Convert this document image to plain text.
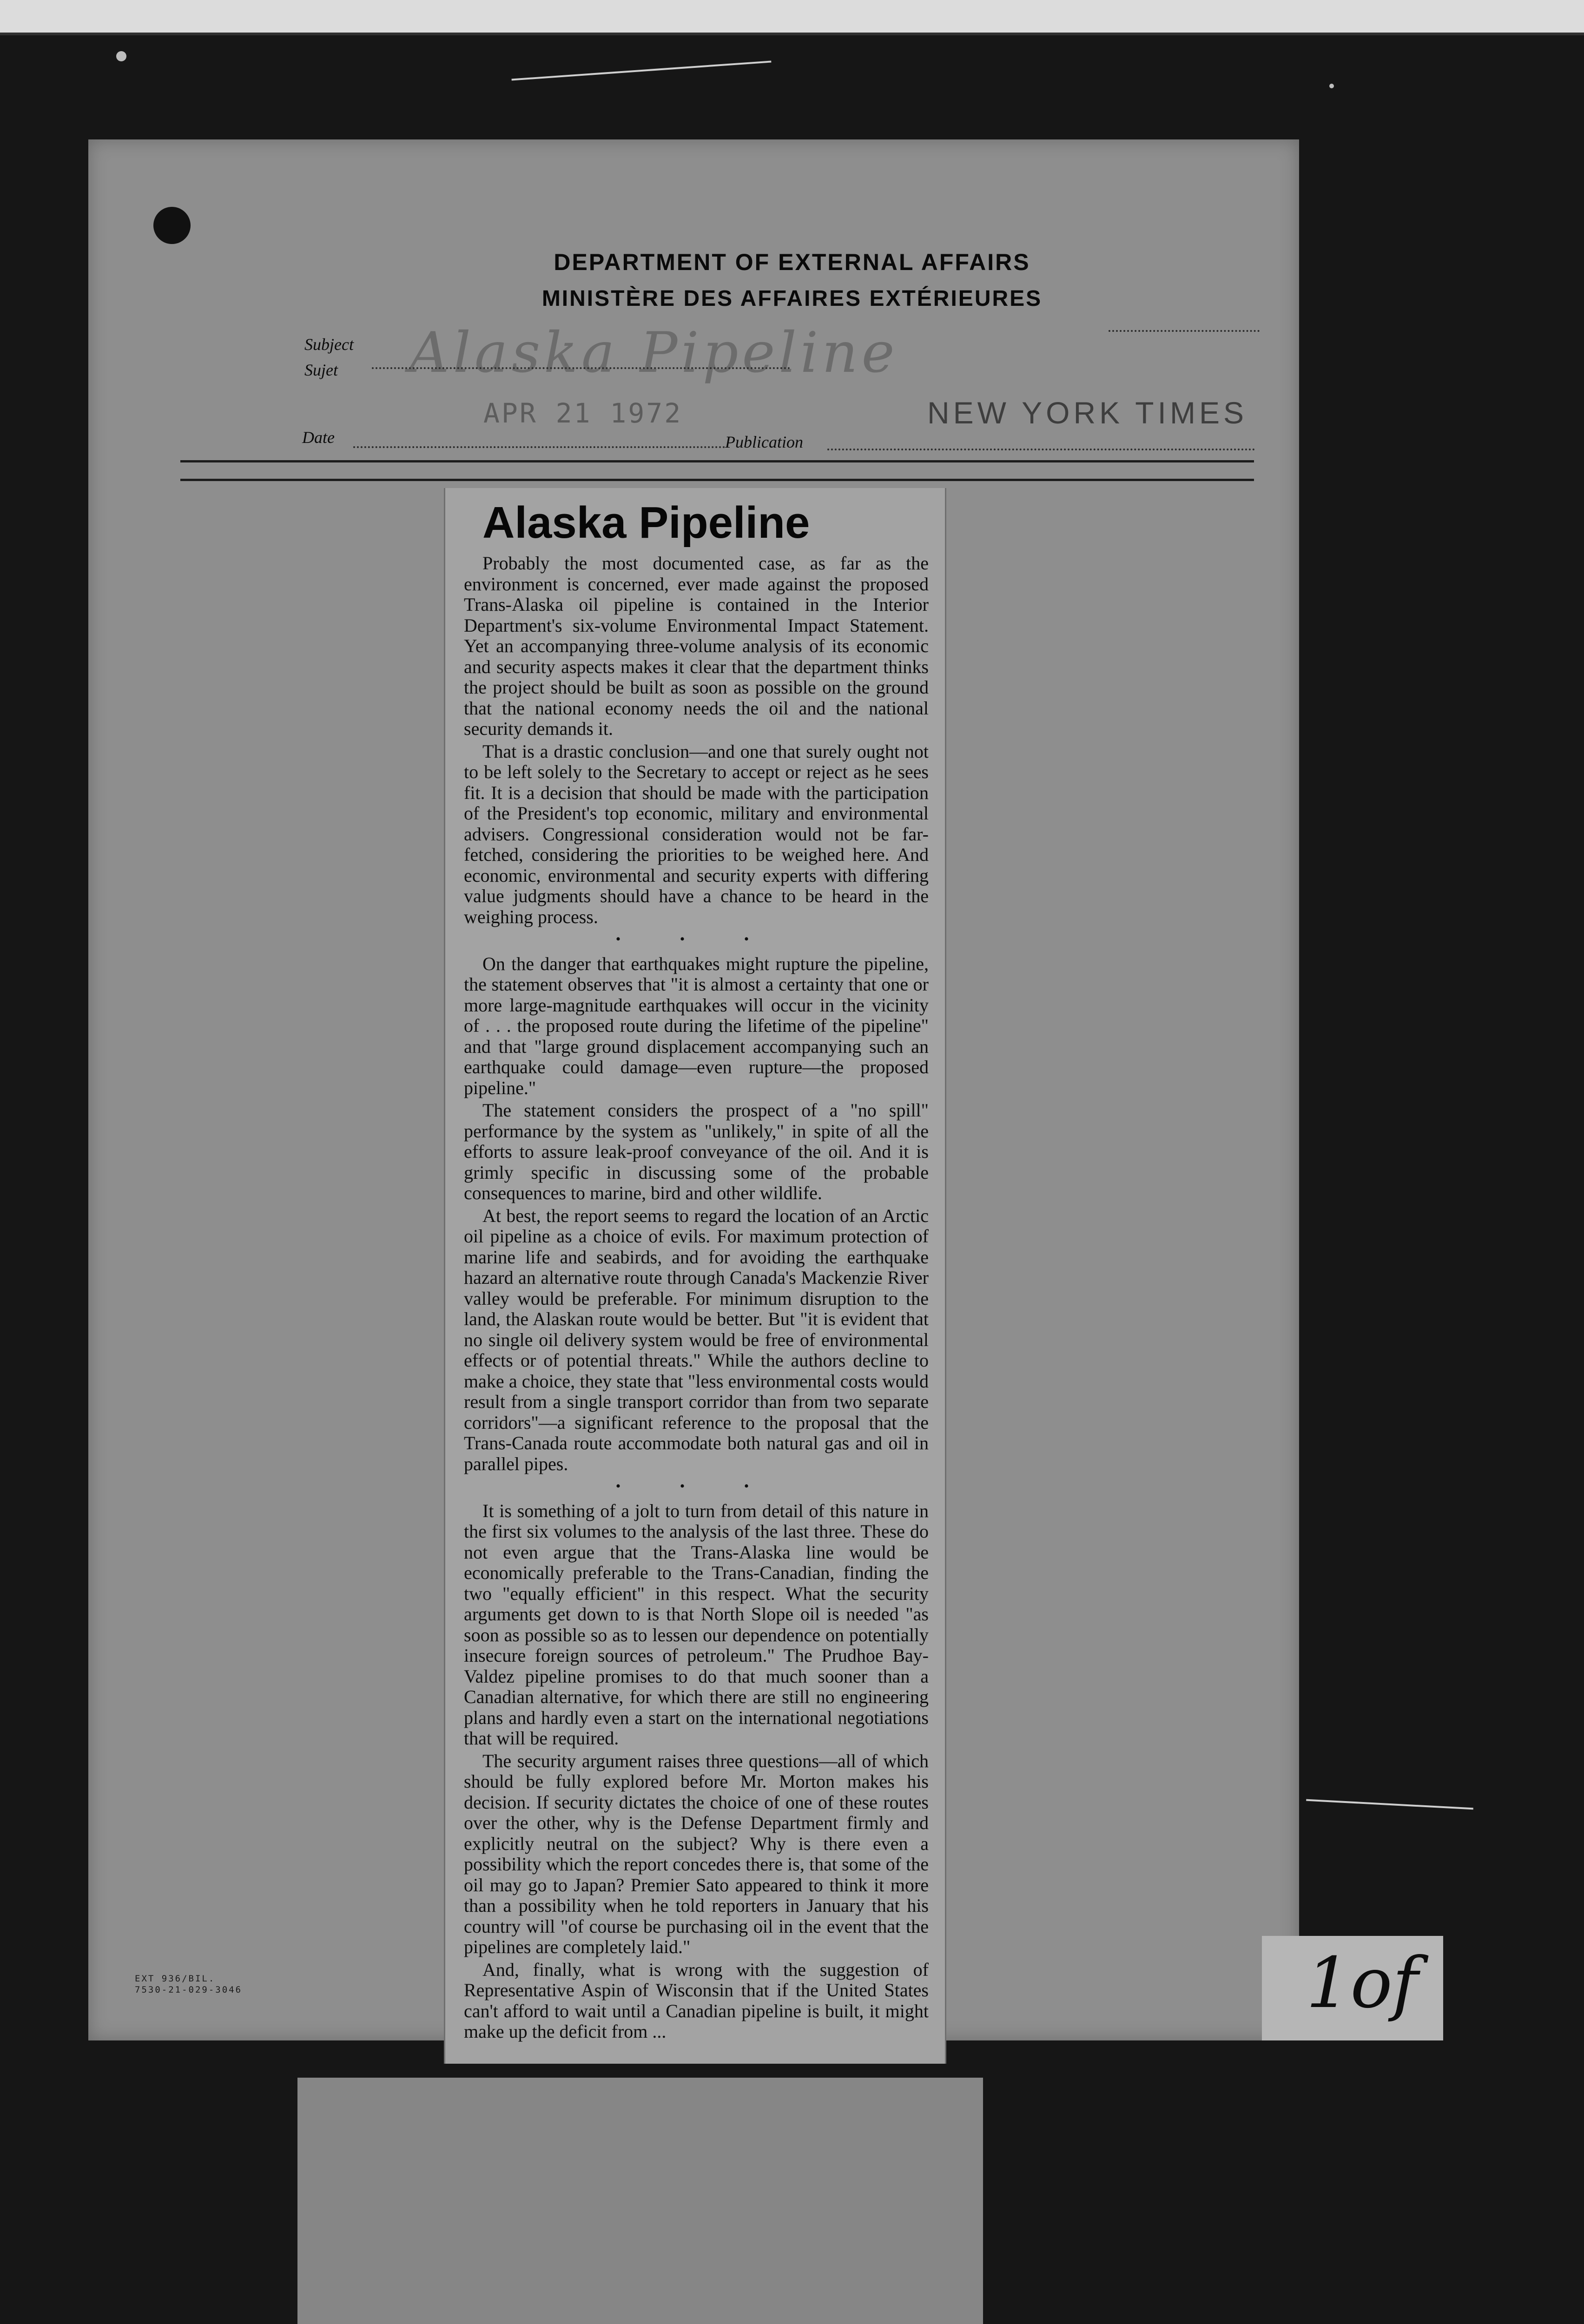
DEPARTMENT OF EXTERNAL AFFAIRS
MINISTÈRE DES AFFAIRES EXTÉRIEURES
Subject
Sujet Alaska Pipeline
Date
APR 21 1972
Publication
NEW YORK TIMES
Alaska Pipeline

Probably the most documented case, as far as the environment is concerned, ever made against the proposed Trans-Alaska oil pipeline is contained in the Interior Department's six-volume Environmental Impact Statement. Yet an accompanying three-volume analysis of its economic and security aspects makes it clear that the department thinks the project should be built as soon as possible on the ground that the national economy needs the oil and the national security demands it.

That is a drastic conclusion—and one that surely ought not to be left solely to the Secretary to accept or reject as he sees fit. It is a decision that should be made with the participation of the President's top economic, military and environmental advisers. Congressional consideration would not be far-fetched, considering the priorities to be weighed here. And economic, environmental and security experts with differing value judgments should have a chance to be heard in the weighing process.

• • •

On the danger that earthquakes might rupture the pipeline, the statement observes that "it is almost a certainty that one or more large-magnitude earthquakes will occur in the vicinity of . . . the proposed route during the lifetime of the pipeline" and that "large ground displacement accompanying such an earthquake could damage—even rupture—the proposed pipeline."

The statement considers the prospect of a "no spill" performance by the system as "unlikely," in spite of all the efforts to assure leak-proof conveyance of the oil. And it is grimly specific in discussing some of the probable consequences to marine, bird and other wildlife.

At best, the report seems to regard the location of an Arctic oil pipeline as a choice of evils. For maximum protection of marine life and seabirds, and for avoiding the earthquake hazard an alternative route through Canada's Mackenzie River valley would be preferable. For minimum disruption to the land, the Alaskan route would be better. But "it is evident that no single oil delivery system would be free of environmental effects or of potential threats." While the authors decline to make a choice, they state that "less environmental costs would result from a single transport corridor than from two separate corridors"—a significant reference to the proposal that the Trans-Canada route accommodate both natural gas and oil in parallel pipes.

• • •

It is something of a jolt to turn from detail of this nature in the first six volumes to the analysis of the last three. These do not even argue that the Trans-Alaska line would be economically preferable to the Trans-Canadian, finding the two "equally efficient" in this respect. What the security arguments get down to is that North Slope oil is needed "as soon as possible so as to lessen our dependence on potentially insecure foreign sources of petroleum." The Prudhoe Bay-Valdez pipeline promises to do that much sooner than a Canadian alternative, for which there are still no engineering plans and hardly even a start on the international negotiations that will be required.

The security argument raises three questions—all of which should be fully explored before Mr. Morton makes his decision. If security dictates the choice of one of these routes over the other, why is the Defense Department firmly and explicitly neutral on the subject? Why is there even a possibility which the report concedes there is, that some of the oil may go to Japan? Premier Sato appeared to think it more than a possibility when he told reporters in January that his country will "of course be purchasing oil in the event that the pipelines are completely laid."

And, finally, what is wrong with the suggestion of Representative Aspin of Wisconsin that if the United States can't afford to wait until a Canadian pipeline is built, it might make up the deficit from ...

EXT 936/BIL.
7530-21-029-3046	1of
